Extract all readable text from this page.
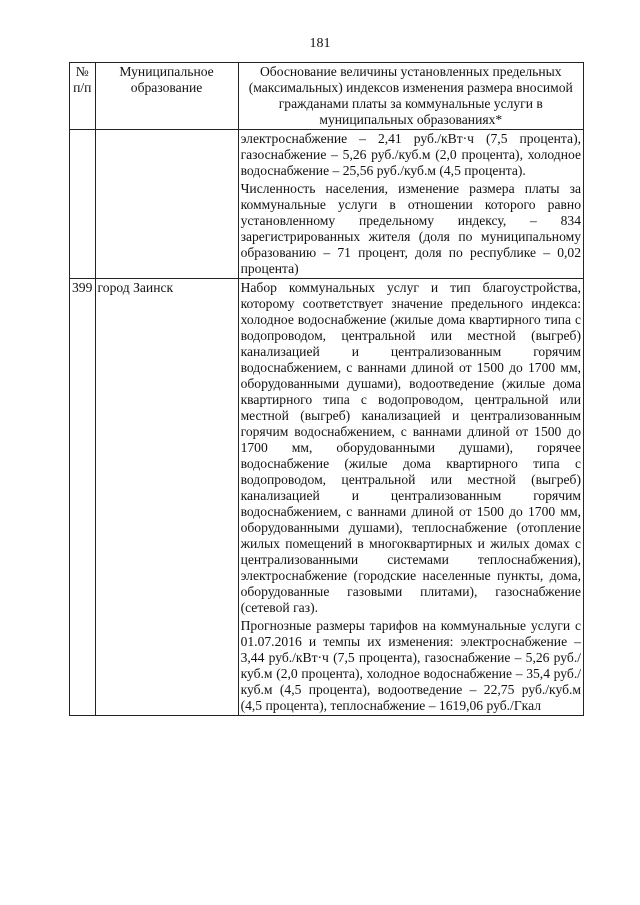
181
№ п/п	Муниципальное образование	Обоснование величины установленных предельных (максимальных) индексов изменения размера вносимой гражданами платы за коммунальные услуги в муниципальных образованиях*

		электроснабжение – 2,41 руб./кВт·ч (7,5 процента), газоснабжение – 5,26 руб./куб.м (2,0 процента), холодное водоснабжение – 25,56 руб./куб.м (4,5 процента).

Численность населения, изменение размера платы за коммунальные услуги в отношении которого равно установленному предельному индексу, – 834 зарегистрированных жителя (доля по муниципальному образованию – 71 процент, доля по республике – 0,02 процента)

399	город Заинск	Набор коммунальных услуг и тип благоустройства, которому соответствует значение предельного индекса: холодное водоснабжение (жилые дома квартирного типа с водопроводом, центральной или местной (выгреб) канализацией и централизованным горячим водоснабжением, с ваннами длиной от 1500 до 1700 мм, оборудованными душами), водоотведение (жилые дома квартирного типа с водопроводом, центральной или местной (выгреб) канализацией и централизованным горячим водоснабжением, с ваннами длиной от 1500 до 1700 мм, оборудованными душами), горячее водоснабжение (жилые дома квартирного типа с водопроводом, центральной или местной (выгреб) канализацией и централизованным горячим водоснабжением, с ваннами длиной от 1500 до 1700 мм, оборудованными душами), теплоснабжение (отопление жилых помещений в многоквартирных и жилых домах с централизованными системами теплоснабжения), электроснабжение (городские населенные пункты, дома, оборудованные газовыми плитами), газоснабжение (сетевой газ).

Прогнозные размеры тарифов на коммунальные услуги с 01.07.2016 и темпы их изменения: электроснабжение – 3,44 руб./кВт·ч (7,5 процента), газоснабжение – 5,26 руб./куб.м (2,0 процента), холодное водоснабжение – 35,4 руб./куб.м (4,5 процента), водоотведение – 22,75 руб./куб.м (4,5 процента), теплоснабжение – 1619,06 руб./Гкал
